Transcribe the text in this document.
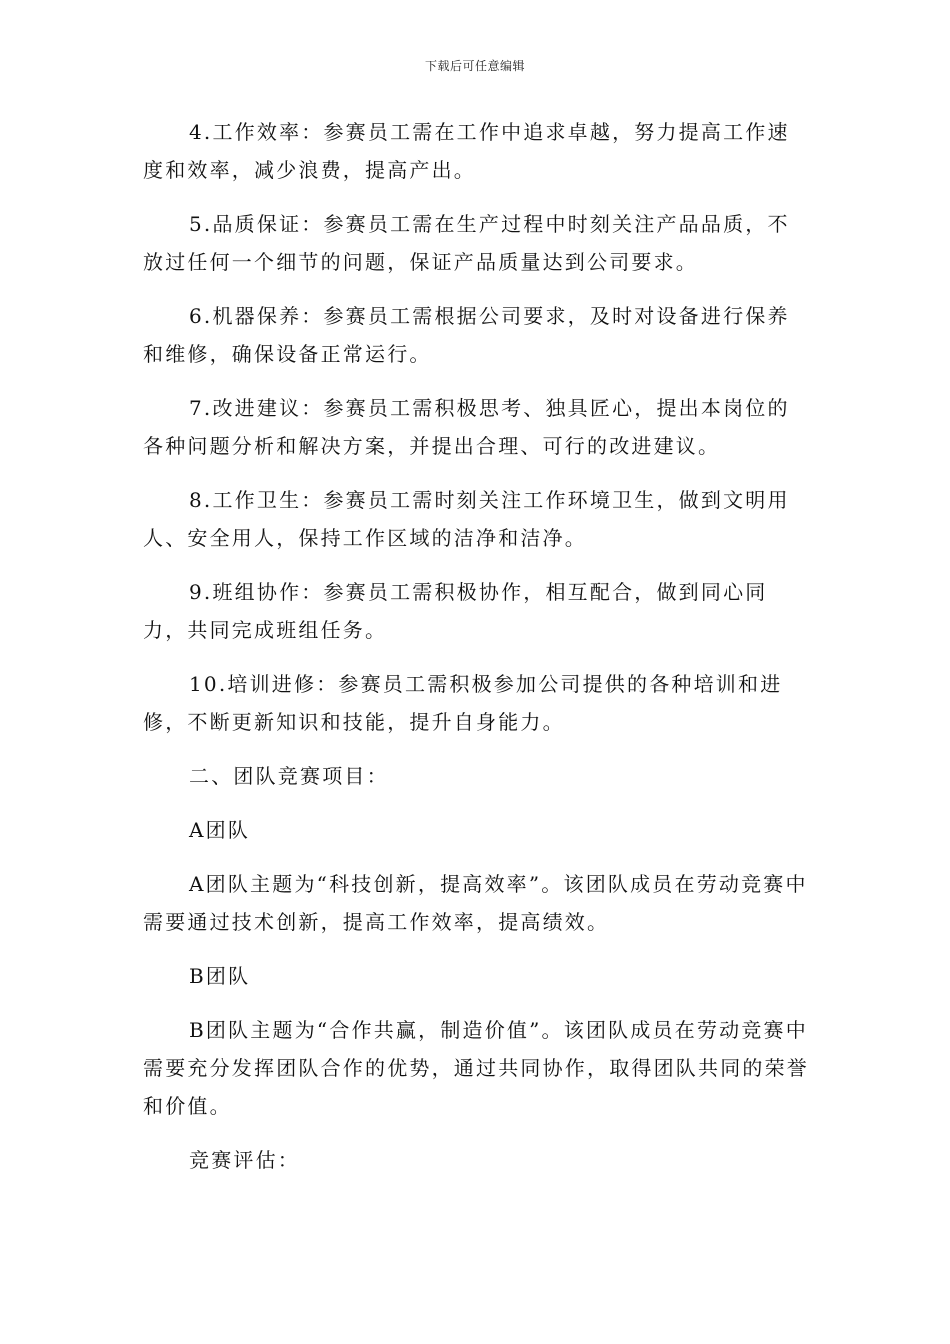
下载后可任意编辑

4.工作效率：参赛员工需在工作中追求卓越，努力提高工作速度和效率，减少浪费，提高产出。

5.品质保证：参赛员工需在生产过程中时刻关注产品品质，不放过任何一个细节的问题，保证产品质量达到公司要求。

6.机器保养：参赛员工需根据公司要求，及时对设备进行保养和维修，确保设备正常运行。

7.改进建议：参赛员工需积极思考、独具匠心，提出本岗位的各种问题分析和解决方案，并提出合理、可行的改进建议。

8.工作卫生：参赛员工需时刻关注工作环境卫生，做到文明用人、安全用人，保持工作区域的洁净和洁净。

9.班组协作：参赛员工需积极协作，相互配合，做到同心同力，共同完成班组任务。

10.培训进修：参赛员工需积极参加公司提供的各种培训和进修，不断更新知识和技能，提升自身能力。

二、团队竞赛项目：

A团队

A团队主题为“科技创新，提高效率”。该团队成员在劳动竞赛中需要通过技术创新，提高工作效率，提高绩效。

B团队

B团队主题为“合作共赢，制造价值”。该团队成员在劳动竞赛中需要充分发挥团队合作的优势，通过共同协作，取得团队共同的荣誉和价值。

竞赛评估：
